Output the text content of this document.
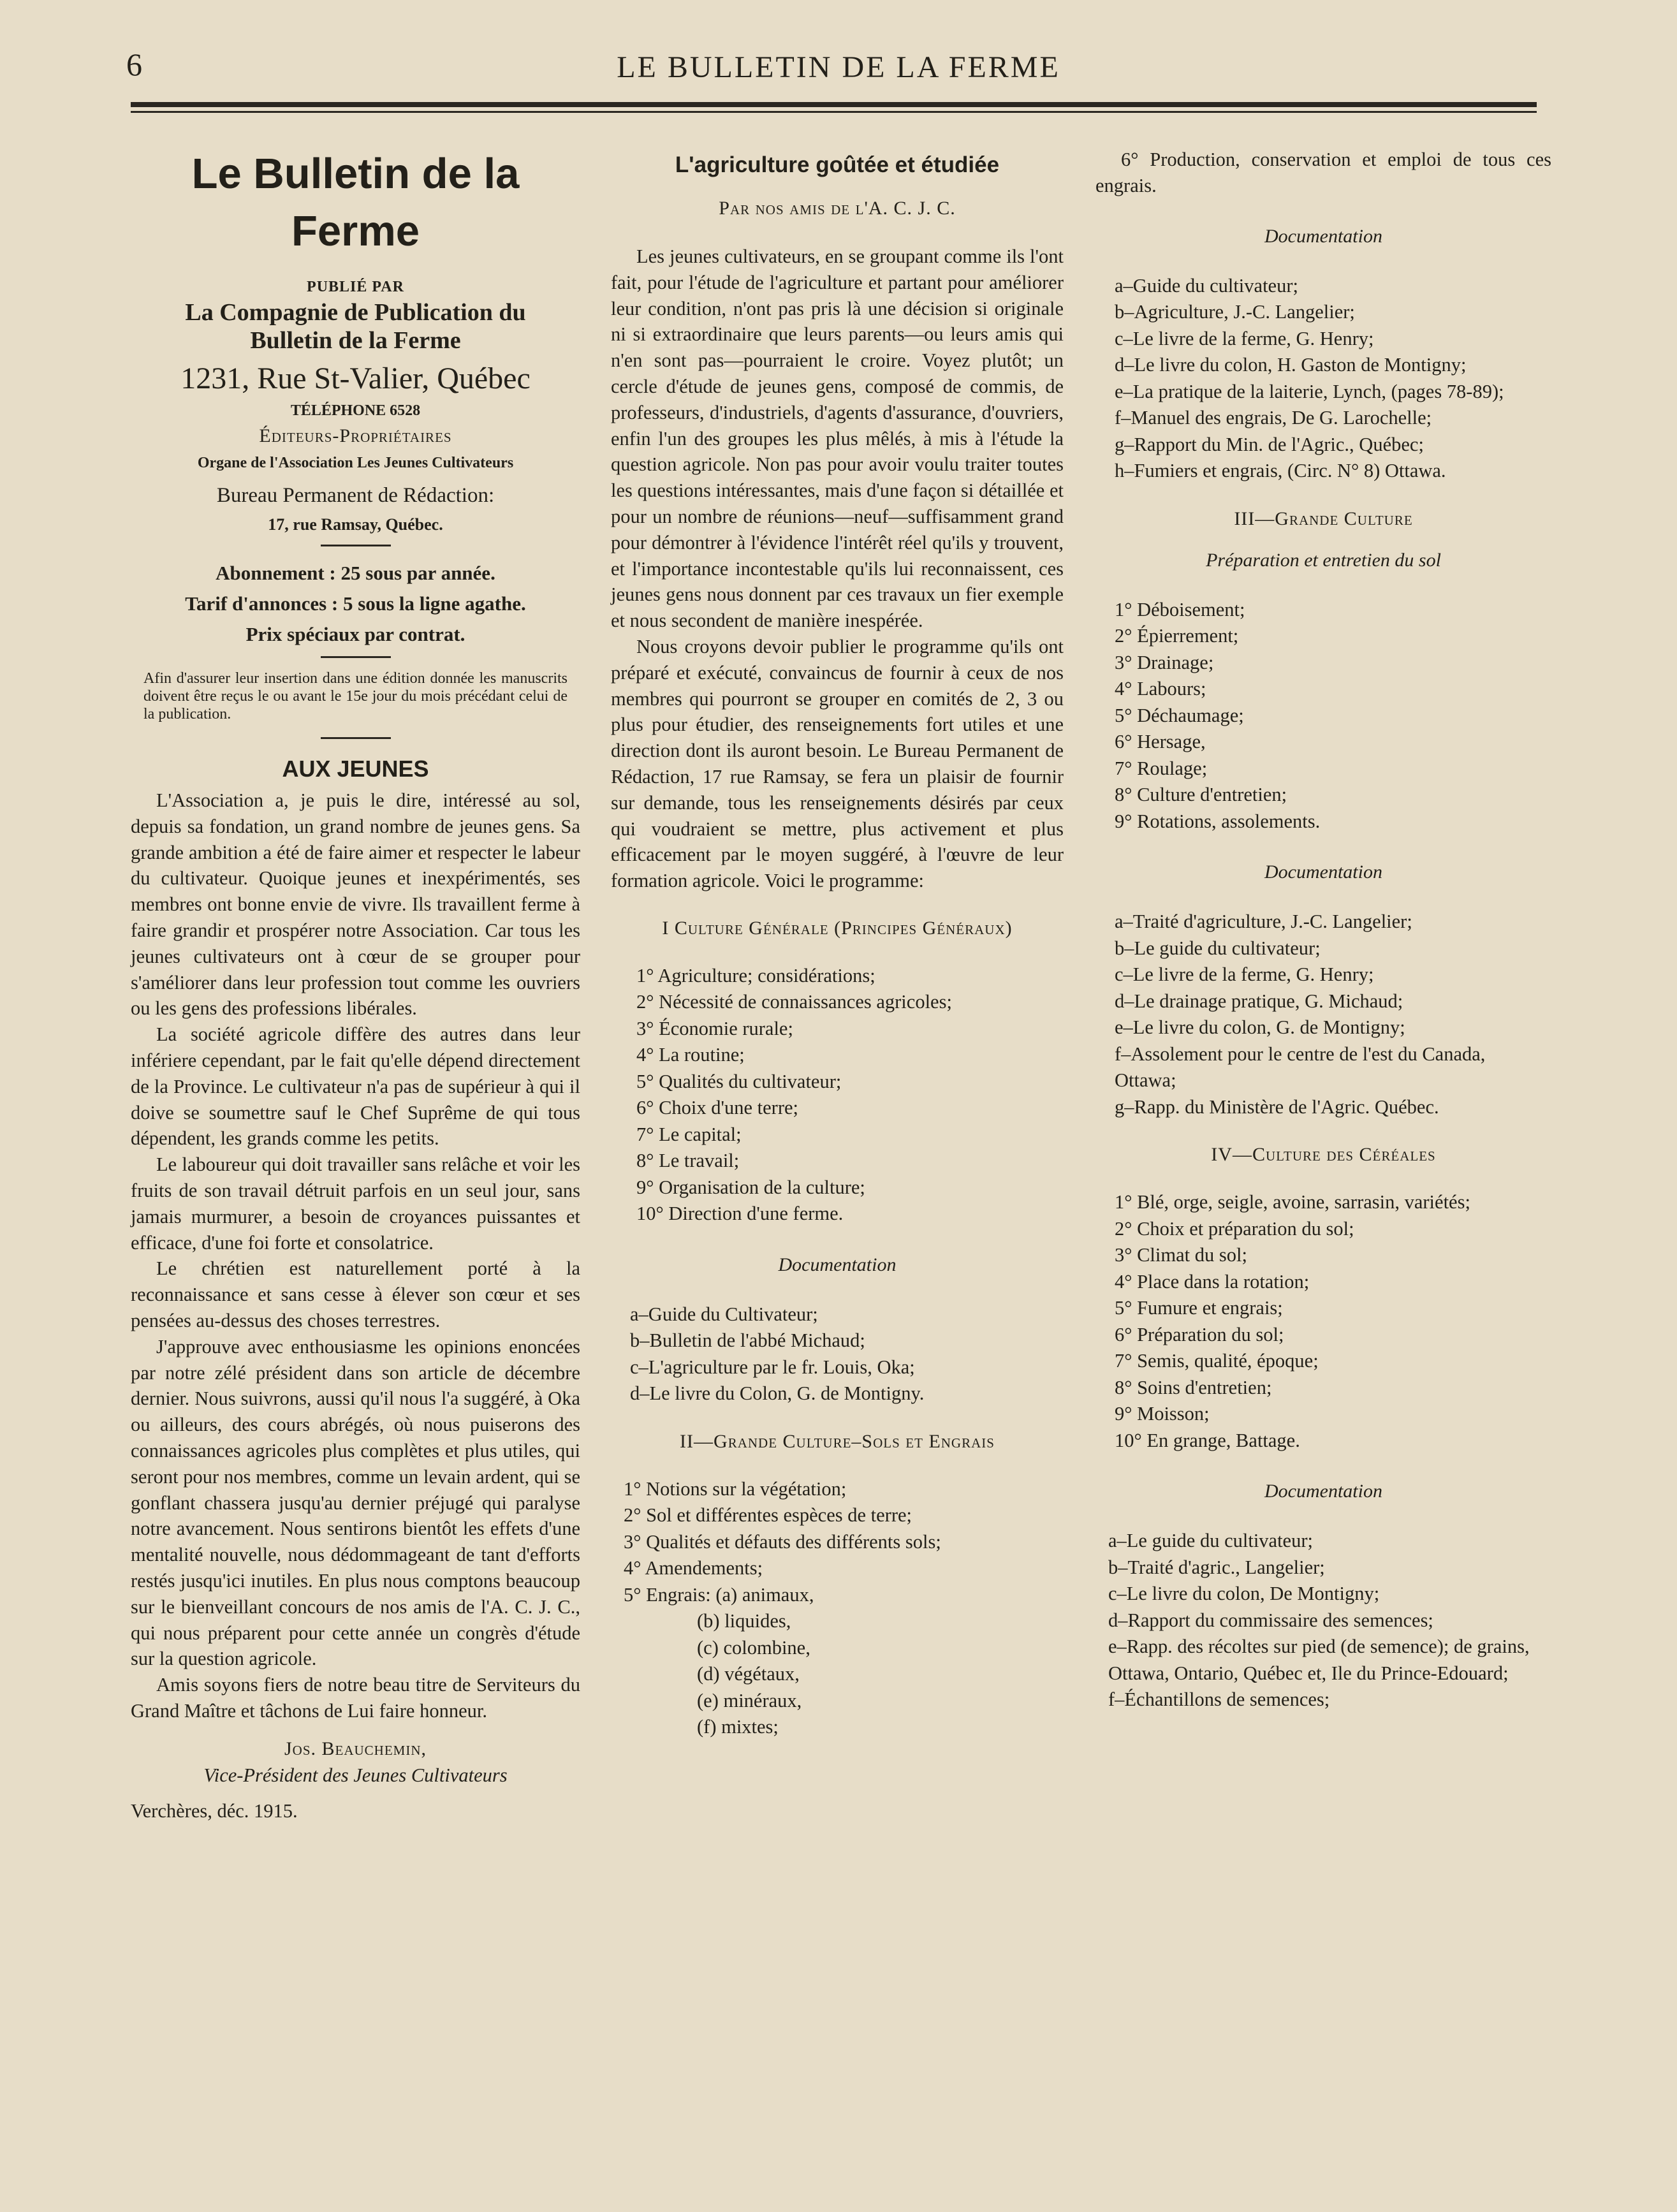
6	LE BULLETIN DE LA FERME

Le Bulletin de la Ferme

PUBLIÉ PAR

La Compagnie de Publication du

Bulletin de la Ferme

1231, Rue St-Valier, Québec

TÉLÉPHONE 6528

Éditeurs-Propriétaires

Organe de l'Association Les Jeunes Cultivateurs

Bureau Permanent de Rédaction:

17, rue Ramsay, Québec.

Abonnement : 25 sous par année.

Tarif d'annonces : 5 sous la ligne agathe.

Prix spéciaux par contrat.

Afin d'assurer leur insertion dans une édition donnée les manuscrits doivent être reçus le ou avant le 15e jour du mois précédant celui de la publication.

AUX JEUNES

L'Association a, je puis le dire, intéressé au sol, depuis sa fondation, un grand nombre de jeunes gens. Sa grande ambition a été de faire aimer et respecter le labeur du cultivateur. Quoique jeunes et inexpérimentés, ses membres ont bonne envie de vivre. Ils travaillent ferme à faire grandir et prospérer notre Association. Car tous les jeunes cultivateurs ont à cœur de se grouper pour s'améliorer dans leur profession tout comme les ouvriers ou les gens des professions libérales.

La société agricole diffère des autres dans leur infériere cependant, par le fait qu'elle dépend directement de la Province. Le cultivateur n'a pas de supérieur à qui il doive se soumettre sauf le Chef Suprême de qui tous dépendent, les grands comme les petits.

Le laboureur qui doit travailler sans relâche et voir les fruits de son travail détruit parfois en un seul jour, sans jamais murmurer, a besoin de croyances puissantes et efficace, d'une foi forte et consolatrice.

Le chrétien est naturellement porté à la reconnaissance et sans cesse à élever son cœur et ses pensées au-dessus des choses terrestres.

J'approuve avec enthousiasme les opinions enoncées par notre zélé président dans son article de décembre dernier. Nous suivrons, aussi qu'il nous l'a suggéré, à Oka ou ailleurs, des cours abrégés, où nous puiserons des connaissances agricoles plus complètes et plus utiles, qui seront pour nos membres, comme un levain ardent, qui se gonflant chassera jusqu'au dernier préjugé qui paralyse notre avancement. Nous sentirons bientôt les effets d'une mentalité nouvelle, nous dédommageant de tant d'efforts restés jusqu'ici inutiles. En plus nous comptons beaucoup sur le bienveillant concours de nos amis de l'A. C. J. C., qui nous préparent pour cette année un congrès d'étude sur la question agricole.

Amis soyons fiers de notre beau titre de Serviteurs du Grand Maître et tâchons de Lui faire honneur.

Jos. Beauchemin,

Vice-Président des Jeunes Cultivateurs

Verchères, déc. 1915.

L'agriculture goûtée et étudiée

Par nos amis de l'A. C. J. C.

Les jeunes cultivateurs, en se groupant comme ils l'ont fait, pour l'étude de l'agriculture et partant pour améliorer leur condition, n'ont pas pris là une décision si originale ni si extraordinaire que leurs parents—ou leurs amis qui n'en sont pas—pourraient le croire. Voyez plutôt; un cercle d'étude de jeunes gens, composé de commis, de professeurs, d'industriels, d'agents d'assurance, d'ouvriers, enfin l'un des groupes les plus mêlés, à mis à l'étude la question agricole. Non pas pour avoir voulu traiter toutes les questions intéressantes, mais d'une façon si détaillée et pour un nombre de réunions—neuf—suffisamment grand pour démontrer à l'évidence l'intérêt réel qu'ils y trouvent, et l'importance incontestable qu'ils lui reconnaissent, ces jeunes gens nous donnent par ces travaux un fier exemple et nous secondent de manière inespérée.

Nous croyons devoir publier le programme qu'ils ont préparé et exécuté, convaincus de fournir à ceux de nos membres qui pourront se grouper en comités de 2, 3 ou plus pour étudier, des renseignements fort utiles et une direction dont ils auront besoin. Le Bureau Permanent de Rédaction, 17 rue Ramsay, se fera un plaisir de fournir sur demande, tous les renseignements désirés par ceux qui voudraient se mettre, plus activement et plus efficacement par le moyen suggéré, à l'œuvre de leur formation agricole. Voici le programme:

I Culture Générale (Principes Généraux)

1° Agriculture; considérations;
2° Nécessité de connaissances agricoles;
3° Économie rurale;
4° La routine;
5° Qualités du cultivateur;
6° Choix d'une terre;
7° Le capital;
8° Le travail;
9° Organisation de la culture;
10° Direction d'une ferme.

Documentation

a–Guide du Cultivateur;
b–Bulletin de l'abbé Michaud;
c–L'agriculture par le fr. Louis, Oka;
d–Le livre du Colon, G. de Montigny.

II—Grande Culture–Sols et Engrais

1° Notions sur la végétation;
2° Sol et différentes espèces de terre;
3° Qualités et défauts des différents sols;
4° Amendements;
5° Engrais: (a) animaux,
(b) liquides,
(c) colombine,
(d) végétaux,
(e) minéraux,
(f) mixtes;

6° Production, conservation et emploi de tous ces engrais.

Documentation

a–Guide du cultivateur;
b–Agriculture, J.-C. Langelier;
c–Le livre de la ferme, G. Henry;
d–Le livre du colon, H. Gaston de Montigny;
e–La pratique de la laiterie, Lynch, (pages 78-89);
f–Manuel des engrais, De G. Larochelle;
g–Rapport du Min. de l'Agric., Québec;
h–Fumiers et engrais, (Circ. N° 8) Ottawa.

III—Grande Culture

Préparation et entretien du sol

1° Déboisement;
2° Épierrement;
3° Drainage;
4° Labours;
5° Déchaumage;
6° Hersage,
7° Roulage;
8° Culture d'entretien;
9° Rotations, assolements.

Documentation

a–Traité d'agriculture, J.-C. Langelier;
b–Le guide du cultivateur;
c–Le livre de la ferme, G. Henry;
d–Le drainage pratique, G. Michaud;
e–Le livre du colon, G. de Montigny;
f–Assolement pour le centre de l'est du Canada, Ottawa;
g–Rapp. du Ministère de l'Agric. Québec.

IV—Culture des Céréales

1° Blé, orge, seigle, avoine, sarrasin, variétés;
2° Choix et préparation du sol;
3° Climat du sol;
4° Place dans la rotation;
5° Fumure et engrais;
6° Préparation du sol;
7° Semis, qualité, époque;
8° Soins d'entretien;
9° Moisson;
10° En grange, Battage.

Documentation

a–Le guide du cultivateur;
b–Traité d'agric., Langelier;
c–Le livre du colon, De Montigny;
d–Rapport du commissaire des semences;
e–Rapp. des récoltes sur pied (de semence); de grains, Ottawa, Ontario, Québec et, Ile du Prince-Edouard;
f–Échantillons de semences;
